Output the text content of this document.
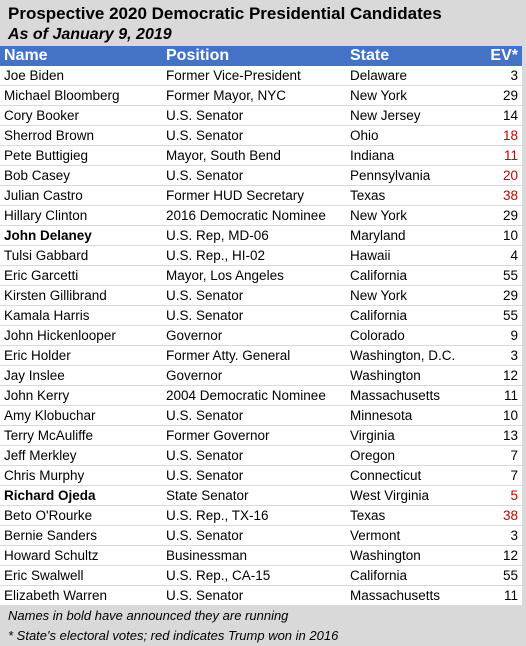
Prospective 2020 Democratic Presidential Candidates
As of January 9, 2019
Name	Position	State	EV*
Joe Biden	Former Vice-President	Delaware	3
Michael Bloomberg	Former Mayor, NYC	New York	29
Cory Booker	U.S. Senator	New Jersey	14
Sherrod Brown	U.S. Senator	Ohio	18
Pete Buttigieg	Mayor, South Bend	Indiana	11
Bob Casey	U.S. Senator	Pennsylvania	20
Julian Castro	Former HUD Secretary	Texas	38
Hillary Clinton	2016 Democratic Nominee	New York	29
John Delaney	U.S. Rep, MD-06	Maryland	10
Tulsi Gabbard	U.S. Rep., HI-02	Hawaii	4
Eric Garcetti	Mayor, Los Angeles	California	55
Kirsten Gillibrand	U.S. Senator	New York	29
Kamala Harris	U.S. Senator	California	55
John Hickenlooper	Governor	Colorado	9
Eric Holder	Former Atty. General	Washington, D.C.	3
Jay Inslee	Governor	Washington	12
John Kerry	2004 Democratic Nominee	Massachusetts	11
Amy Klobuchar	U.S. Senator	Minnesota	10
Terry McAuliffe	Former Governor	Virginia	13
Jeff Merkley	U.S. Senator	Oregon	7
Chris Murphy	U.S. Senator	Connecticut	7
Richard Ojeda	State Senator	West Virginia	5
Beto O'Rourke	U.S. Rep., TX-16	Texas	38
Bernie Sanders	U.S. Senator	Vermont	3
Howard Schultz	Businessman	Washington	12
Eric Swalwell	U.S. Rep., CA-15	California	55
Elizabeth Warren	U.S. Senator	Massachusetts	11
Names in bold have announced they are running
* State's electoral votes; red indicates Trump won in 2016
